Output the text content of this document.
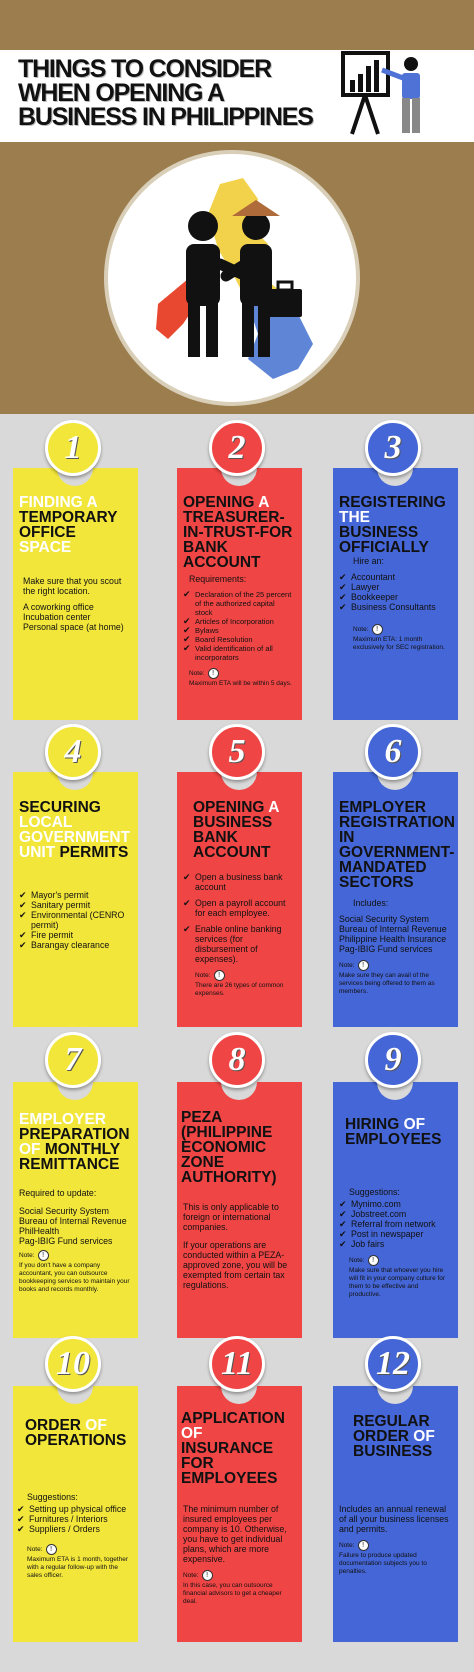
THINGS TO CONSIDER
WHEN OPENING A
BUSINESS IN PHILIPPINES
FINDING A TEMPORARY OFFICE SPACE

Make sure that you scout the right location.

A coworking office
Incubation center
Personal space (at home)
1
OPENING A TREASURER-IN-TRUST-FOR BANK ACCOUNT

Requirements:

✔ Declaration of the 25 percent of the authorized capital stock
✔ Articles of Incorporation
✔ Bylaws
✔ Board Resolution
✔ Valid identification of all incorporators
Note:	!
Maximum ETA will be within 5 days.
2
REGISTERING THE BUSINESS OFFICIALLY

Hire an:

✔ Accountant
✔ Lawyer
✔ Bookkeeper
✔ Business Consultants
Note:	!
Maximum ETA: 1 month exclusively for SEC registration.
3
SECURING LOCAL GOVERNMENT UNIT PERMITS
✔ Mayor's permit
✔ Sanitary permit
✔ Environmental (CENRO permit)
✔ Fire permit
✔ Barangay clearance
4
OPENING A BUSINESS BANK ACCOUNT
✔ Open a business bank account
✔ Open a payroll account for each employee.
✔ Enable online banking services (for disbursement of expenses).
Note:	!
There are 26 types of common expenses.
5
EMPLOYER REGISTRATION IN GOVERNMENT-MANDATED SECTORS

Includes:

Social Security System
Bureau of Internal Revenue
Philippine Health Insurance
Pag-IBIG Fund services
Note:	!
Make sure they can avail of the services being offered to them as members.
6
EMPLOYER PREPARATION OF MONTHLY REMITTANCE

Required to update:

Social Security System
Bureau of Internal Revenue
PhilHealth
Pag-IBIG Fund services
Note:	!
If you don't have a company accountant, you can outsource bookkeeping services to maintain your books and records monthly.
7
PEZA (PHILIPPINE ECONOMIC ZONE AUTHORITY)

This is only applicable to foreign or international companies.

If your operations are conducted within a PEZA-approved zone, you will be exempted from certain tax regulations.

8
HIRING OF EMPLOYEES

Suggestions:

✔ Mynimo.com
✔ Jobstreet.com
✔ Referral from network
✔ Post in newspaper
✔ Job fairs
Note:	!
Make sure that whoever you hire will fit in your company culture for them to be effective and productive.
9
ORDER OF OPERATIONS

Suggestions:

✔ Setting up physical office
✔ Furnitures / Interiors
✔ Suppliers / Orders
Note:	!
Maximum ETA is 1 month, together with a regular follow-up with the sales officer.
10
APPLICATION OF INSURANCE FOR EMPLOYEES

The minimum number of insured employees per company is 10. Otherwise, you have to get individual plans, which are more expensive.

Note:	!
In this case, you can outsource financial advisors to get a cheaper deal.
11
REGULAR ORDER OF BUSINESS

Includes an annual renewal of all your business licenses and permits.

Note:	!
Failure to produce updated documentation subjects you to penalties.
12
